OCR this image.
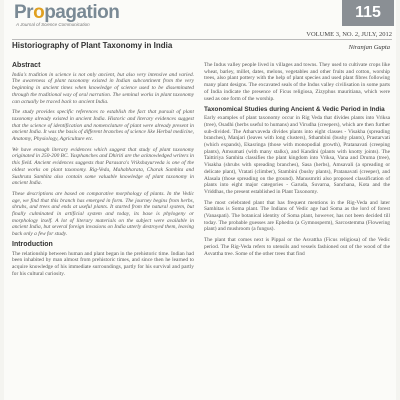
Propagation
A Journal of Science Communication
115
VOLUME 3, NO. 2, JULY, 2012
Historiography of Plant Taxonomy in India	Niranjan Gupta
Abstract

India's tradition in science is not only ancient, but also very intensive and varied. The awareness of plant taxonomy existed in Indian subcontinent from the very beginning in ancient times when knowledge of science used to be disseminated through the traditional way of oral narration. The seminal works in plant taxonomy can actually be traced back to ancient India.

The study provides specific references to establish the fact that pursuit of plant taxonomy already existed in ancient India. Historic and literary evidences suggest that the science of identification and nomenclature of plant were already present in ancient India. It was the basis of different branches of science like Herbal medicine, Anatomy, Physiology, Agriculture etc.

We have enough literary evidences which suggest that study of plant taxonomy originated in 250-200 BC. Yasphanches and Dhiriti are the acknowledged writers in this field. Ancient evidences suggests that Parasara's Vrikshayurveda is one of the oldest works on plant taxonomy. Rig-Veda, Mahabharata, Charak Samhita and Sushruta Samhita also contain some valuable knowledge of plant taxonomy in ancient India.

These descriptions are based on comparative morphology of plants. In the Vedic age, we find that this branch has emerged in form. The journey begins from herbs, shrubs, and trees and ends at useful plants. It started from the natural system, but finally culminated in artificial system and today, its base is phylogeny or morphology itself. A lot of literary materials on the subject were available in ancient India, but several foreign invasions on India utterly destroyed them, leaving back only a few for study.

Introduction

The relationship between human and plant began in the prehistoric time. Indian had been inhabited by man almost from prehistoric times, and since then he learned to acquire knowledge of his immediate surroundings, partly for his survival and partly for his cultural curiosity.

The Indus valley people lived in villages and towns. They used to cultivate crops like wheat, barley, millet, dates, melons, vegetables and other fruits and cotton, worship trees, also plant pottery with the help of plant species and used plant fibres following many plant designs. The excavated seals of the Indus valley civilisation in some parts of India indicate the presence of Ficus religiosa, Zizyphus mauritiana, which were used as one form of the worship.

Taxonomical Studies during Ancient & Vedic Period in India

Early examples of plant taxonomy occur in Rig Veda that divides plants into Vriksa (tree), Osadhi (herbs useful to humans) and Virudha (creepers), which are then further sub-divided. The Atharvaveda divides plants into eight classes - Visakha (spreading branches), Manjari (leaves with long clusters), Sthambini (bushy plants), Prastarvati (which expands), Ekasringa (those with monopodial growth), Pratanavati (creeping plants), Amsumati (with many stalks), and Kandini (plants with knotty joints). The Taittiriya Samhita classifies the plant kingdom into Vriksa, Vana and Druma (tree), Visakha (shrubs with spreading branches), Sasa (herbs), Amsavali (a spreading or delicate plant), Vratati (climber), Stambini (bushy plants), Pratanavati (creeper), and Alasala (those spreading on the ground). Manusmriti also proposed classification of plants into eight major categories - Garuda, Suvarna, Sanchana, Kota and the Vriddhas, the present established in Plant Taxonomy.

The most celebrated plant that has frequent mentions in the Rig-Veda and later Samhitas is Soma plant. The Indians of Vedic age had Soma as the lord of forest (Vanaspati). The botanical identity of Soma plant, however, has not been decided till today. The probable guesses are Ephedra (a Gymnosperm), Sarcostemma (Flowering plant) and mushroom (a fungus).

The plant that comes next is Pippal or the Asvattha (Ficus religiosa) of the Vedic period. The Rig-Veda refers to utensils and vessels fashioned out of the wood of the Asvattha tree. Some of the other trees that find
